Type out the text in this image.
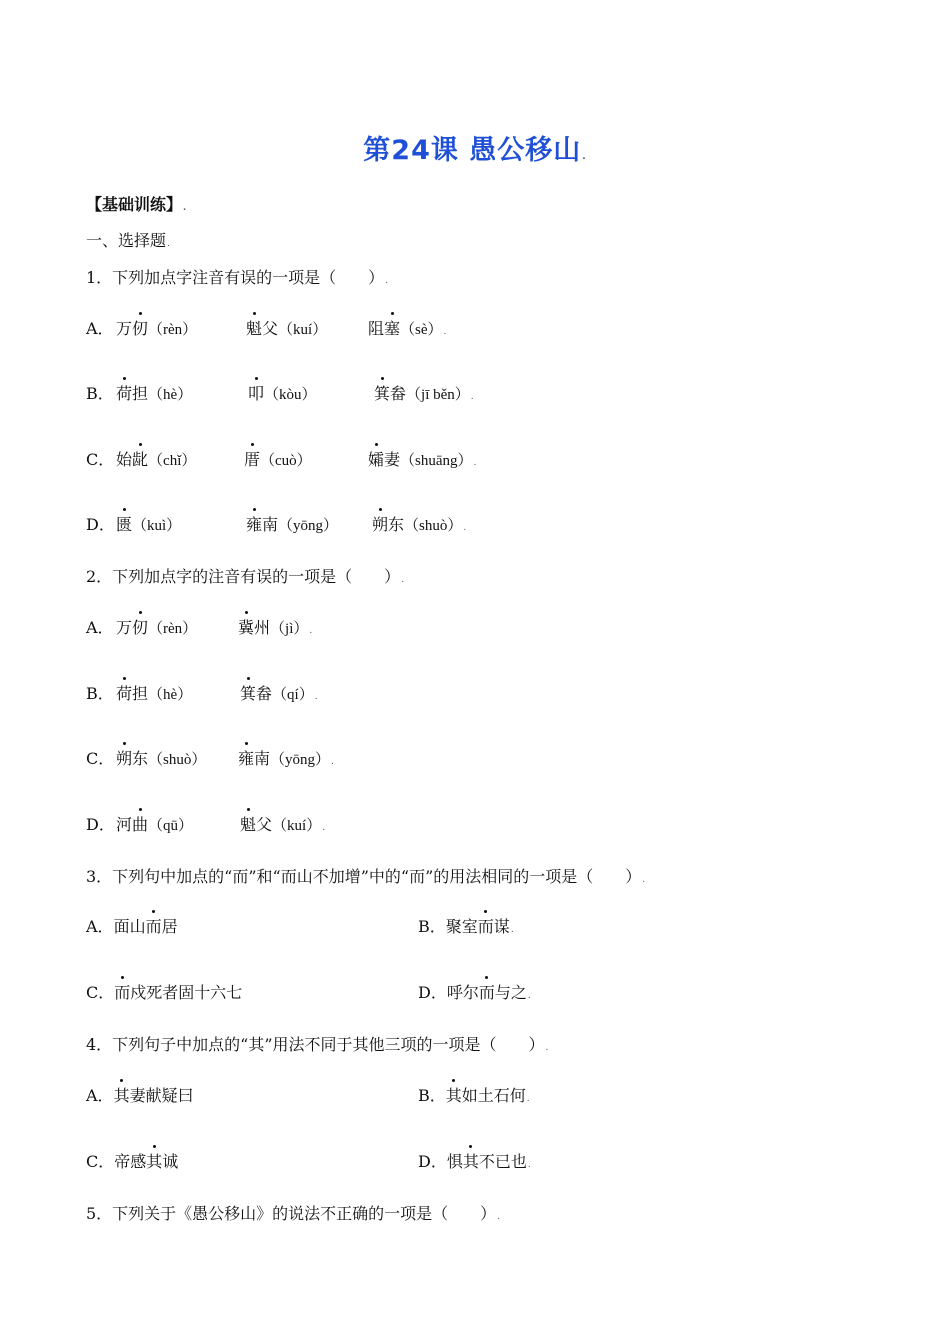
第24课 愚公移山.
【基础训练】.
一、选择题.
1．下列加点字注音有误的一项是（　　）.
A． 万仞（rèn）	魁父（kuí）	阻塞（sè）.
B． 荷担（hè）	叩（kòu）	箕畚（jī běn）.
C． 始龀（chǐ）	厝（cuò）	孀妻（shuāng）.
D． 匮（kuì）	雍南（yōng） 朔东（shuò）.
2．下列加点字的注音有误的一项是（　　）.
A． 万仞（rèn）	冀州（jì）.
B． 荷担（hè）	箕畚（qí）.
C． 朔东（shuò） 雍南（yōng）.
D． 河曲（qū）	魁父（kuí）.
3．下列句中加点的“而”和“而山不加增”中的“而”的用法相同的一项是（　　）.
A．面山而居	B．聚室而谋.
C．而戍死者固十六七	D．呼尔而与之.
4．下列句子中加点的“其”用法不同于其他三项的一项是（　　）.
A．其妻献疑曰	B．其如土石何.
C．帝感其诚	D．惧其不已也.
5．下列关于《愚公移山》的说法不正确的一项是（　　）.
